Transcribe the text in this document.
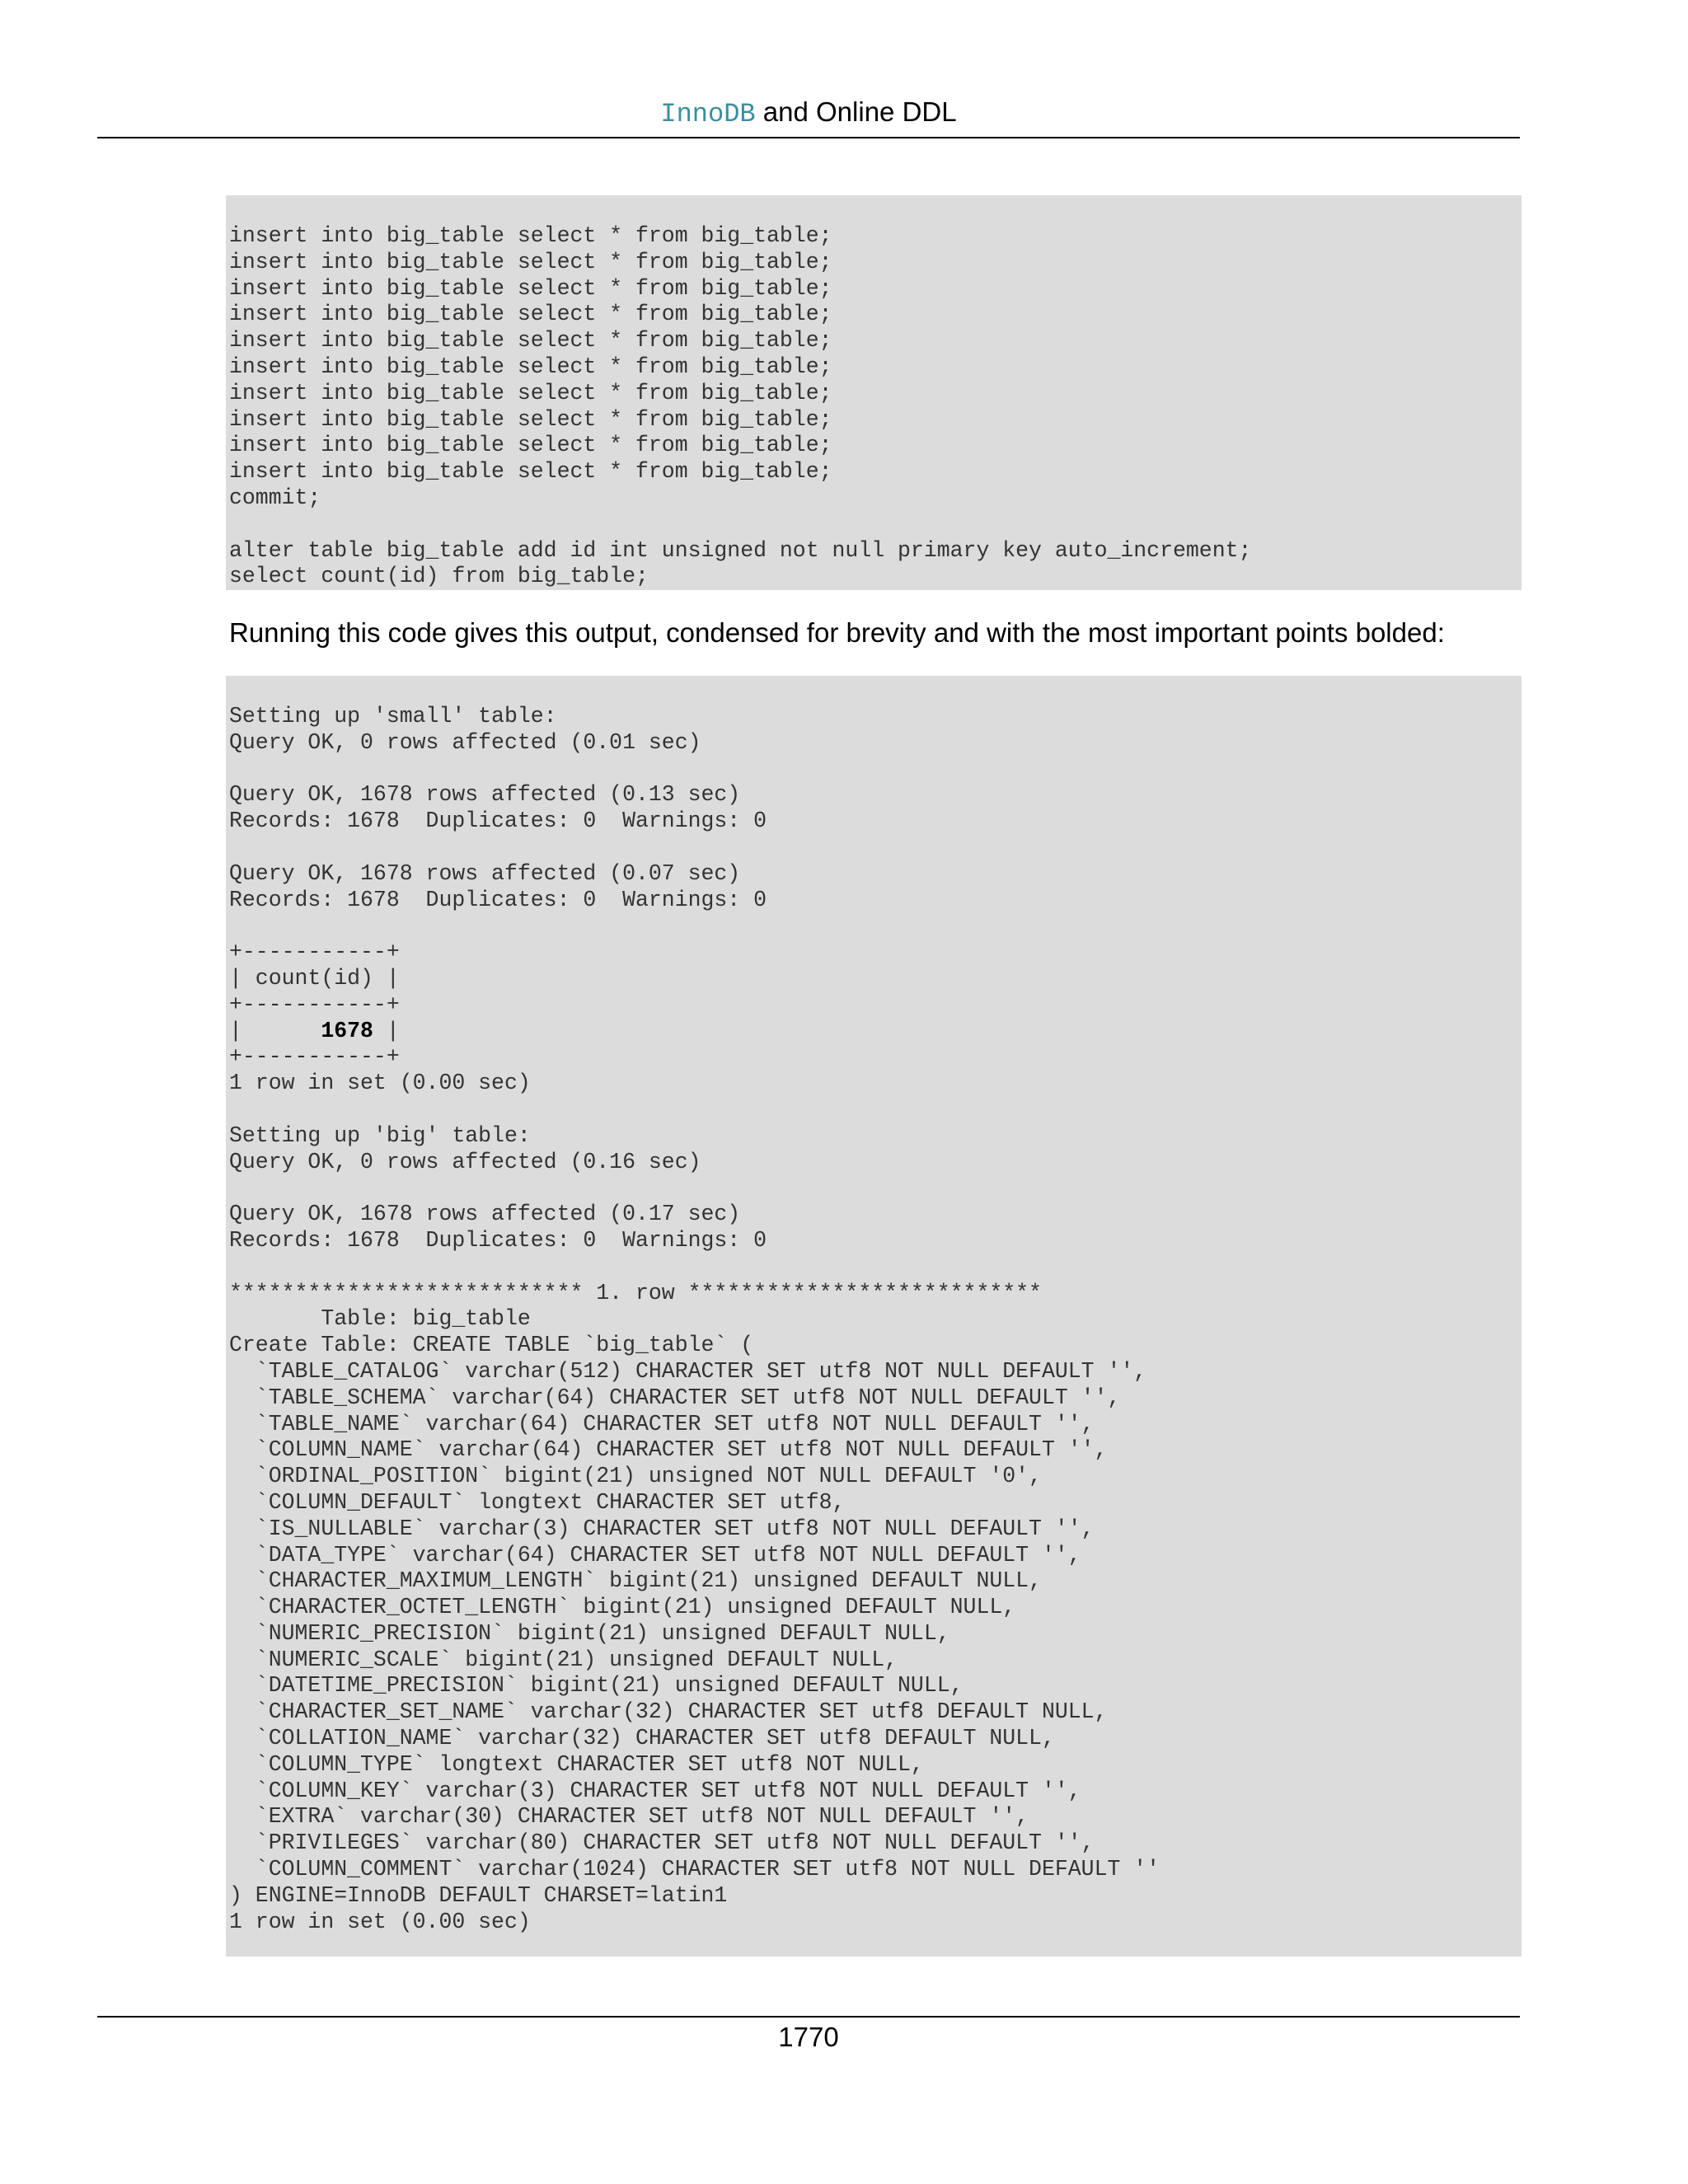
InnoDB and Online DDL
insert into big_table select * from big_table;
insert into big_table select * from big_table;
insert into big_table select * from big_table;
insert into big_table select * from big_table;
insert into big_table select * from big_table;
insert into big_table select * from big_table;
insert into big_table select * from big_table;
insert into big_table select * from big_table;
insert into big_table select * from big_table;
insert into big_table select * from big_table;
commit;

alter table big_table add id int unsigned not null primary key auto_increment;
select count(id) from big_table;
Running this code gives this output, condensed for brevity and with the most important points bolded:
Setting up 'small' table:
Query OK, 0 rows affected (0.01 sec)

Query OK, 1678 rows affected (0.13 sec)
Records: 1678  Duplicates: 0  Warnings: 0

Query OK, 1678 rows affected (0.07 sec)
Records: 1678  Duplicates: 0  Warnings: 0

+-----------+
| count(id) |
+-----------+
|	1678 |
+-----------+
1 row in set (0.00 sec)

Setting up 'big' table:
Query OK, 0 rows affected (0.16 sec)

Query OK, 1678 rows affected (0.17 sec)
Records: 1678  Duplicates: 0  Warnings: 0

*************************** 1. row ***************************
Table: big_table
Create Table: CREATE TABLE `big_table` (
`TABLE_CATALOG` varchar(512) CHARACTER SET utf8 NOT NULL DEFAULT '',
`TABLE_SCHEMA` varchar(64) CHARACTER SET utf8 NOT NULL DEFAULT '',
`TABLE_NAME` varchar(64) CHARACTER SET utf8 NOT NULL DEFAULT '',
`COLUMN_NAME` varchar(64) CHARACTER SET utf8 NOT NULL DEFAULT '',
`ORDINAL_POSITION` bigint(21) unsigned NOT NULL DEFAULT '0',
`COLUMN_DEFAULT` longtext CHARACTER SET utf8,
`IS_NULLABLE` varchar(3) CHARACTER SET utf8 NOT NULL DEFAULT '',
`DATA_TYPE` varchar(64) CHARACTER SET utf8 NOT NULL DEFAULT '',
`CHARACTER_MAXIMUM_LENGTH` bigint(21) unsigned DEFAULT NULL,
`CHARACTER_OCTET_LENGTH` bigint(21) unsigned DEFAULT NULL,
`NUMERIC_PRECISION` bigint(21) unsigned DEFAULT NULL,
`NUMERIC_SCALE` bigint(21) unsigned DEFAULT NULL,
`DATETIME_PRECISION` bigint(21) unsigned DEFAULT NULL,
`CHARACTER_SET_NAME` varchar(32) CHARACTER SET utf8 DEFAULT NULL,
`COLLATION_NAME` varchar(32) CHARACTER SET utf8 DEFAULT NULL,
`COLUMN_TYPE` longtext CHARACTER SET utf8 NOT NULL,
`COLUMN_KEY` varchar(3) CHARACTER SET utf8 NOT NULL DEFAULT '',
`EXTRA` varchar(30) CHARACTER SET utf8 NOT NULL DEFAULT '',
`PRIVILEGES` varchar(80) CHARACTER SET utf8 NOT NULL DEFAULT '',
`COLUMN_COMMENT` varchar(1024) CHARACTER SET utf8 NOT NULL DEFAULT ''
) ENGINE=InnoDB DEFAULT CHARSET=latin1
1 row in set (0.00 sec)
1770
